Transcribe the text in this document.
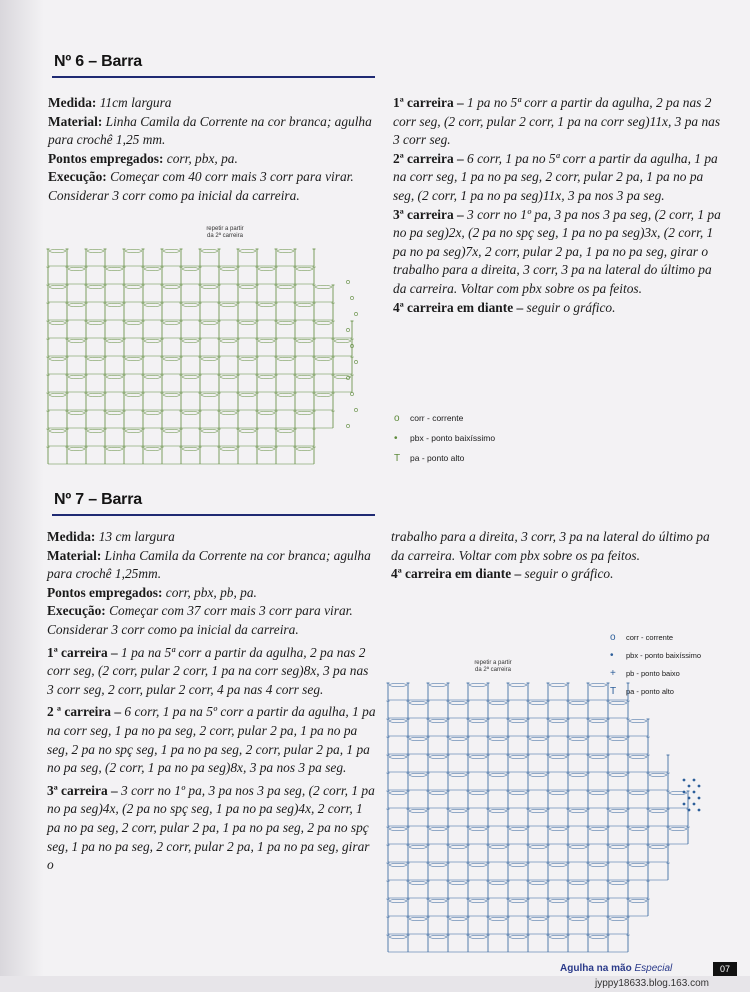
Nº 6 – Barra

Medida: 11cm largura

Material: Linha Camila da Corrente na cor branca; agulha para crochê 1,25 mm.

Pontos empregados: corr, pbx, pa.

Execução: Começar com 40 corr mais 3 corr para virar. Considerar 3 corr como pa inicial da carreira.

repetir a partir
da 2ª carreira

1ª carreira – 1 pa no 5ª corr a partir da agulha, 2 pa nas 2 corr seg, (2 corr, pular 2 corr, 1 pa na corr seg)11x, 3 pa nas 3 corr seg.

2ª carreira – 6 corr, 1 pa no 5ª corr a partir da agulha, 1 pa na corr seg, 1 pa no pa seg, 2 corr, pular 2 pa, 1 pa no pa seg, (2 corr, 1 pa no pa seg)11x, 3 pa nos 3 pa seg.

3ª carreira – 3 corr no 1º pa, 3 pa nos 3 pa seg, (2 corr, 1 pa no pa seg)2x, (2 pa no spç seg, 1 pa no pa seg)3x, (2 corr, 1 pa no pa seg)7x, 2 corr, pular 2 pa, 1 pa no pa seg, girar o trabalho para a direita, 3 corr, 3 pa na lateral do último pa da carreira. Voltar com pbx sobre os pa feitos.

4ª carreira em diante – seguir o gráfico.

o	corr - corrente
•	pbx - ponto baixíssimo
T	pa - ponto alto
Nº 7 – Barra

Medida: 13 cm largura

Material: Linha Camila da Corrente na cor branca; agulha para crochê 1,25mm.

Pontos empregados: corr, pbx, pb, pa.

Execução: Começar com 37 corr mais 3 corr para virar. Considerar 3 corr como pa inicial da carreira.

1ª carreira – 1 pa na 5ª corr a partir da agulha, 2 pa nas 2 corr seg, (2 corr, pular 2 corr, 1 pa na corr seg)8x, 3 pa nas 3 corr seg, 2 corr, pular 2 corr, 4 pa nas 4 corr seg.

2 ª carreira – 6 corr, 1 pa na 5º corr a partir da agulha, 1 pa na corr seg, 1 pa no pa seg, 2 corr, pular 2 pa, 1 pa no pa seg, 2 pa no spç seg, 1 pa no pa seg, 2 corr, pular 2 pa, 1 pa no pa seg, (2 corr, 1 pa no pa seg)8x, 3 pa nos 3 pa seg.

3ª carreira – 3 corr no 1º pa, 3 pa nos 3 pa seg, (2 corr, 1 pa no pa seg)4x, (2 pa no spç seg, 1 pa no pa seg)4x, 2 corr, 1 pa no pa seg, 2 corr, pular 2 pa, 1 pa no pa seg, 2 pa no spç seg, 1 pa no pa seg, 2 corr, pular 2 pa, 1 pa no pa seg, girar o

trabalho para a direita, 3 corr, 3 pa na lateral do último pa da carreira. Voltar com pbx sobre os pa feitos.

4ª carreira em diante – seguir o gráfico.

o	corr - corrente
•	pbx - ponto baixíssimo
+	pb - ponto baixo
T	pa - ponto alto
repetir a partir
da 2ª carreira
Agulha na mão Especial	07
jyppy18633.blog.163.com
